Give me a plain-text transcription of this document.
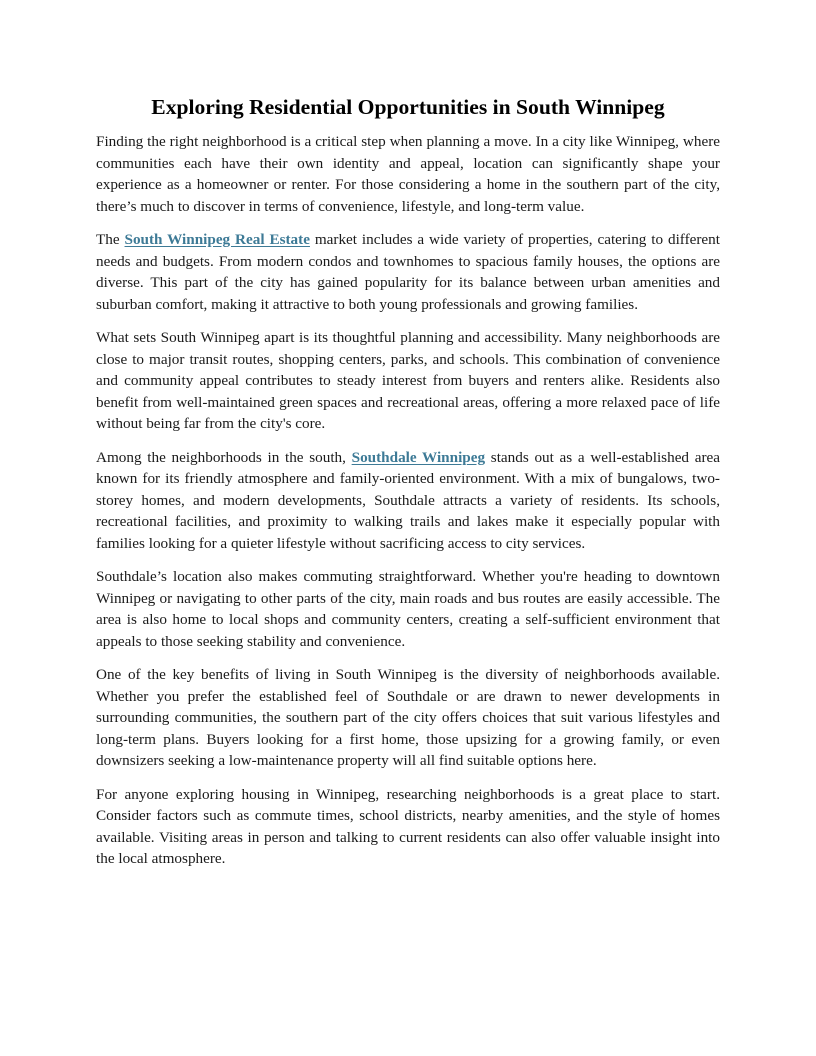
Exploring Residential Opportunities in South Winnipeg

Finding the right neighborhood is a critical step when planning a move. In a city like Winnipeg, where communities each have their own identity and appeal, location can significantly shape your experience as a homeowner or renter. For those considering a home in the southern part of the city, there’s much to discover in terms of convenience, lifestyle, and long-term value.

The South Winnipeg Real Estate market includes a wide variety of properties, catering to different needs and budgets. From modern condos and townhomes to spacious family houses, the options are diverse. This part of the city has gained popularity for its balance between urban amenities and suburban comfort, making it attractive to both young professionals and growing families.

What sets South Winnipeg apart is its thoughtful planning and accessibility. Many neighborhoods are close to major transit routes, shopping centers, parks, and schools. This combination of convenience and community appeal contributes to steady interest from buyers and renters alike. Residents also benefit from well-maintained green spaces and recreational areas, offering a more relaxed pace of life without being far from the city's core.

Among the neighborhoods in the south, Southdale Winnipeg stands out as a well-established area known for its friendly atmosphere and family-oriented environment. With a mix of bungalows, two-storey homes, and modern developments, Southdale attracts a variety of residents. Its schools, recreational facilities, and proximity to walking trails and lakes make it especially popular with families looking for a quieter lifestyle without sacrificing access to city services.

Southdale’s location also makes commuting straightforward. Whether you're heading to downtown Winnipeg or navigating to other parts of the city, main roads and bus routes are easily accessible. The area is also home to local shops and community centers, creating a self-sufficient environment that appeals to those seeking stability and convenience.

One of the key benefits of living in South Winnipeg is the diversity of neighborhoods available. Whether you prefer the established feel of Southdale or are drawn to newer developments in surrounding communities, the southern part of the city offers choices that suit various lifestyles and long-term plans. Buyers looking for a first home, those upsizing for a growing family, or even downsizers seeking a low-maintenance property will all find suitable options here.

For anyone exploring housing in Winnipeg, researching neighborhoods is a great place to start. Consider factors such as commute times, school districts, nearby amenities, and the style of homes available. Visiting areas in person and talking to current residents can also offer valuable insight into the local atmosphere.
